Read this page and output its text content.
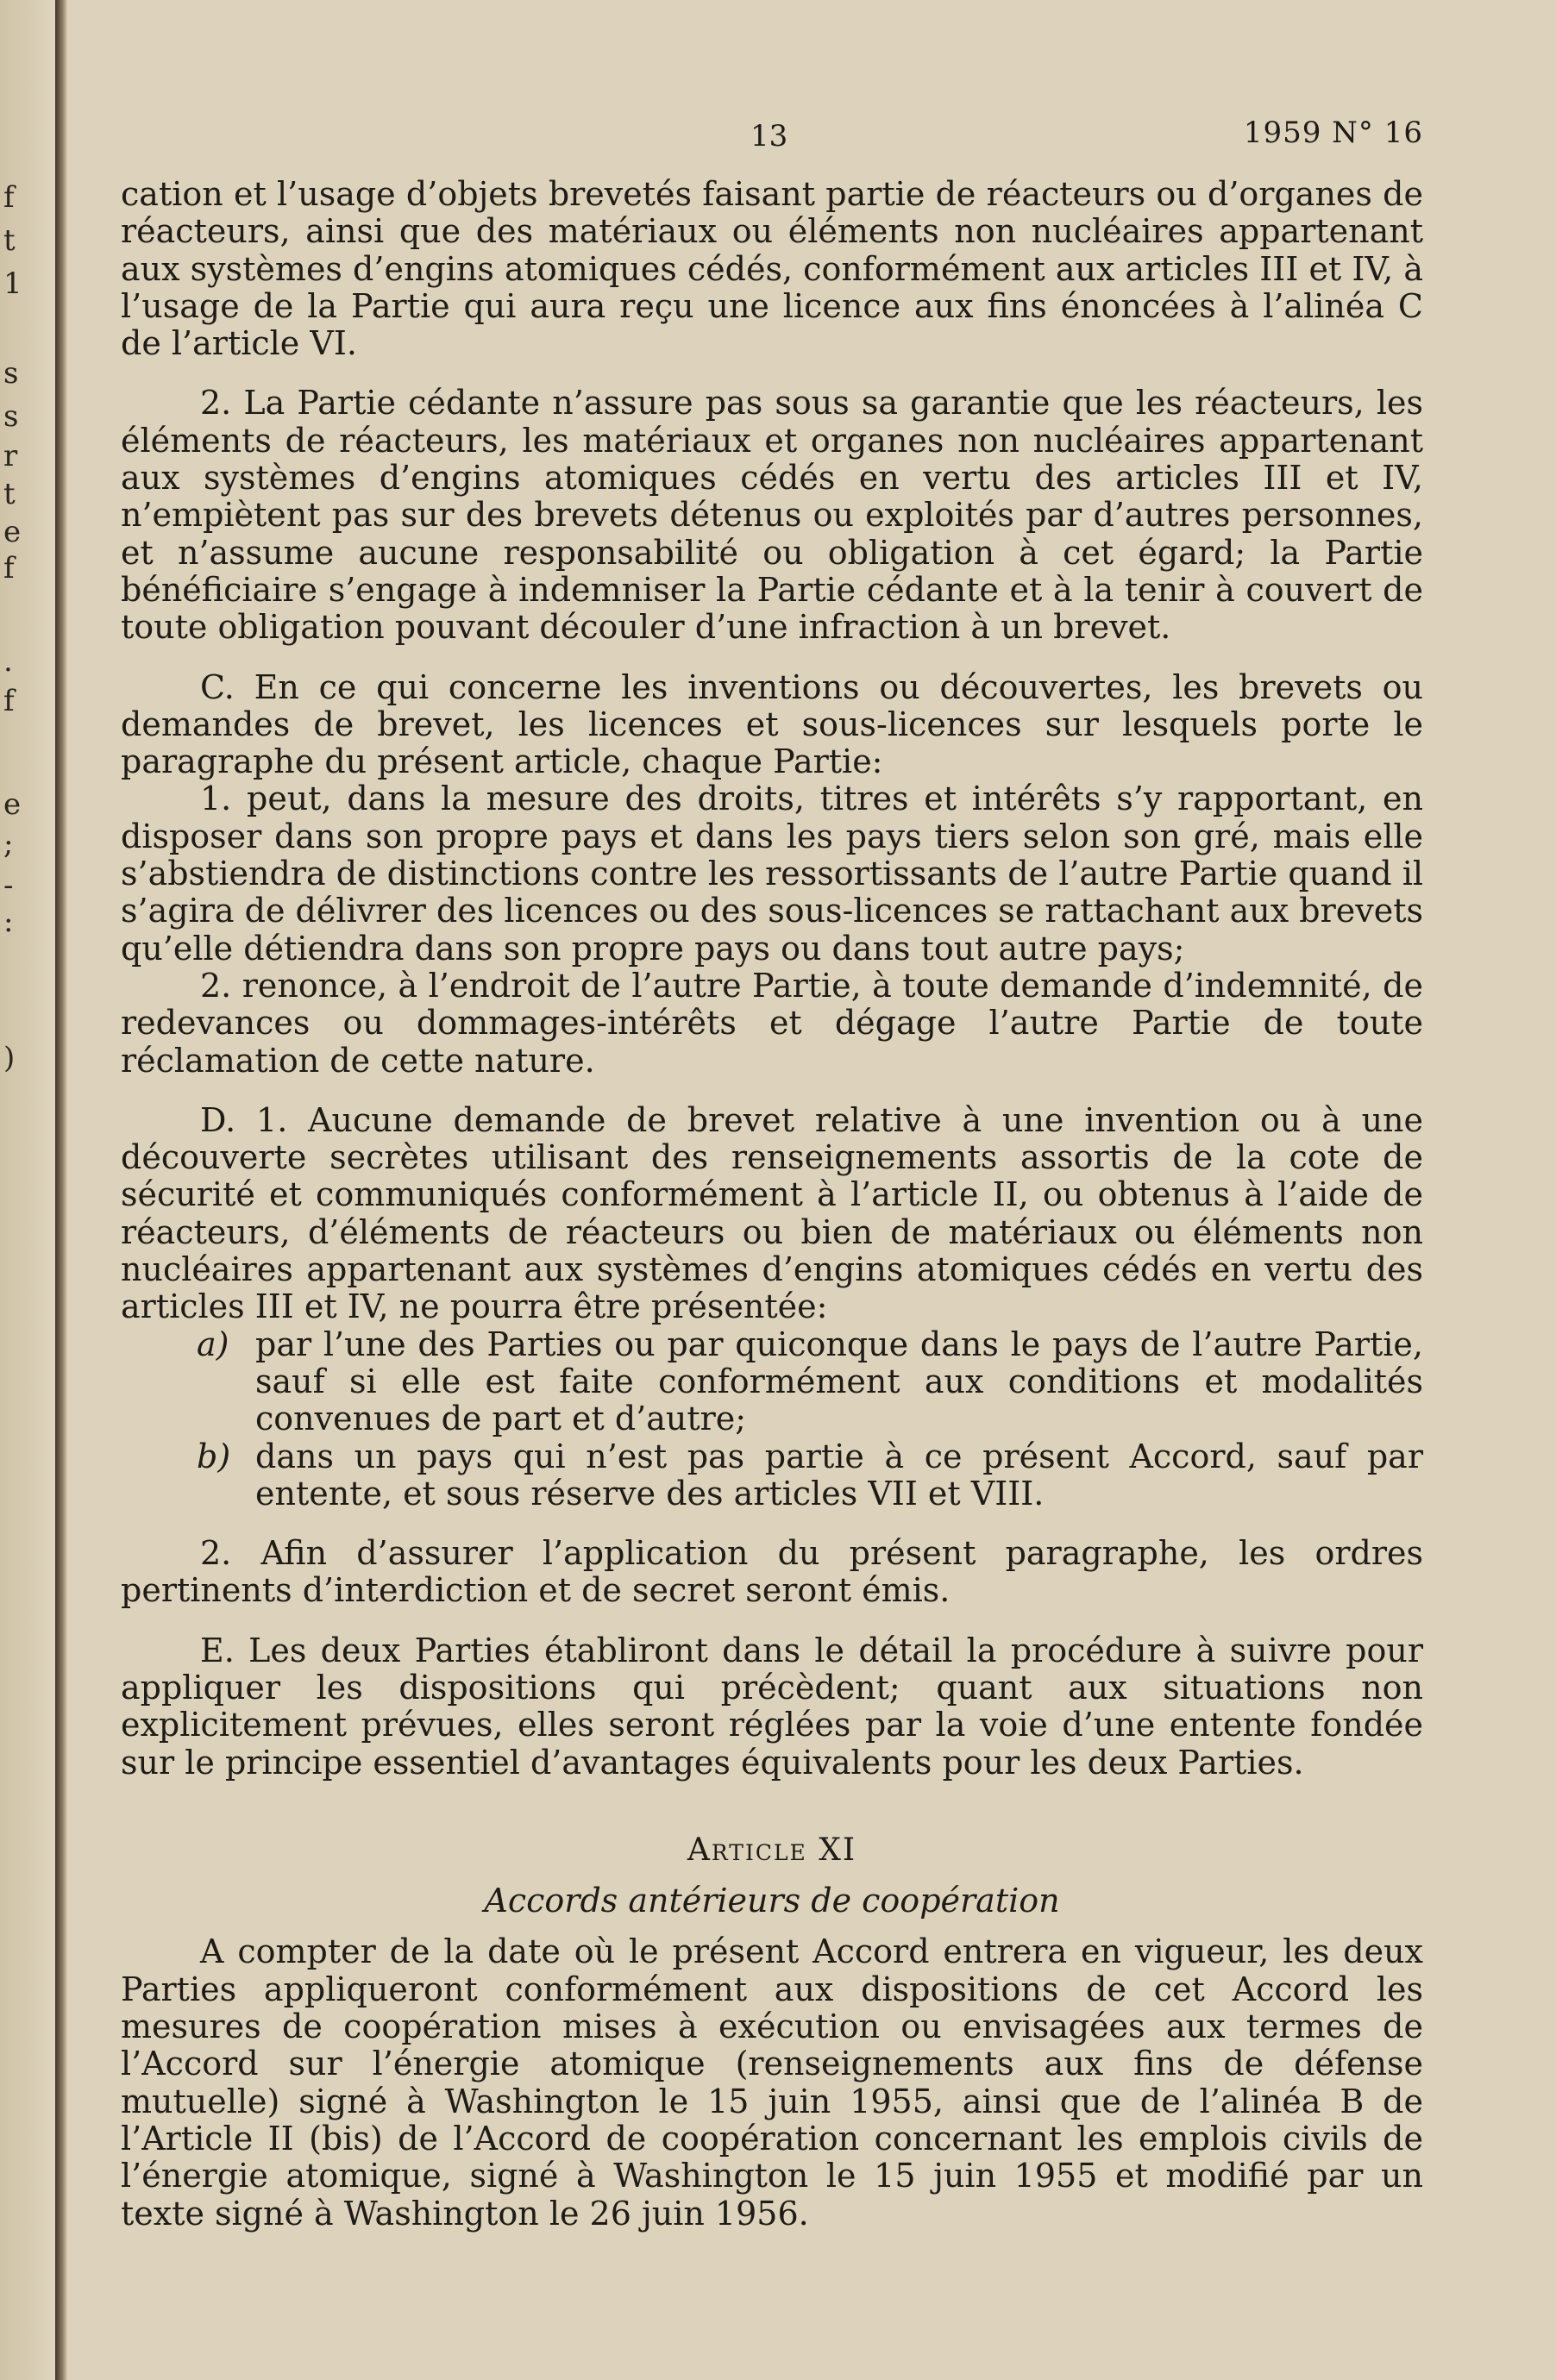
f
t
1
s
s
r
t
e
f
.
f
e
;
-
:
)
13	1959 N° 16

cation et l’usage d’objets brevetés faisant partie de réacteurs ou d’organes de réacteurs, ainsi que des matériaux ou éléments non nucléaires appartenant aux systèmes d’engins atomiques cédés, conformément aux articles III et IV, à l’usage de la Partie qui aura reçu une licence aux fins énoncées à l’alinéa C de l’article VI.

2. La Partie cédante n’assure pas sous sa garantie que les réacteurs, les éléments de réacteurs, les matériaux et organes non nucléaires appartenant aux systèmes d’engins atomiques cédés en vertu des articles III et IV, n’empiètent pas sur des brevets détenus ou exploités par d’autres personnes, et n’assume aucune responsabilité ou obligation à cet égard; la Partie bénéficiaire s’engage à indemniser la Partie cédante et à la tenir à couvert de toute obligation pouvant découler d’une infraction à un brevet.

C. En ce qui concerne les inventions ou découvertes, les brevets ou demandes de brevet, les licences et sous-licences sur lesquels porte le paragraphe du présent article, chaque Partie:

1. peut, dans la mesure des droits, titres et intérêts s’y rapportant, en disposer dans son propre pays et dans les pays tiers selon son gré, mais elle s’abstiendra de distinctions contre les ressortissants de l’autre Partie quand il s’agira de délivrer des licences ou des sous-licences se rattachant aux brevets qu’elle détiendra dans son propre pays ou dans tout autre pays;

2. renonce, à l’endroit de l’autre Partie, à toute demande d’indemnité, de redevances ou dommages-intérêts et dégage l’autre Partie de toute réclamation de cette nature.

D. 1. Aucune demande de brevet relative à une invention ou à une découverte secrètes utilisant des renseignements assortis de la cote de sécurité et communiqués conformément à l’article II, ou obtenus à l’aide de réacteurs, d’éléments de réacteurs ou bien de matériaux ou éléments non nucléaires appartenant aux systèmes d’engins atomiques cédés en vertu des articles III et IV, ne pourra être présentée:

a) par l’une des Parties ou par quiconque dans le pays de l’autre Partie, sauf si elle est faite conformément aux conditions et modalités convenues de part et d’autre;
b) dans un pays qui n’est pas partie à ce présent Accord, sauf par entente, et sous réserve des articles VII et VIII.

2. Afin d’assurer l’application du présent paragraphe, les ordres pertinents d’interdiction et de secret seront émis.

E. Les deux Parties établiront dans le détail la procédure à suivre pour appliquer les dispositions qui précèdent; quant aux situations non explicitement prévues, elles seront réglées par la voie d’une entente fondée sur le principe essentiel d’avantages équivalents pour les deux Parties.

Article XI
Accords antérieurs de coopération

A compter de la date où le présent Accord entrera en vigueur, les deux Parties appliqueront conformément aux dispositions de cet Accord les mesures de coopération mises à exécution ou envisagées aux termes de l’Accord sur l’énergie atomique (renseignements aux fins de défense mutuelle) signé à Washington le 15 juin 1955, ainsi que de l’alinéa B de l’Article II (bis) de l’Accord de coopération concernant les emplois civils de l’énergie atomique, signé à Washington le 15 juin 1955 et modifié par un texte signé à Washington le 26 juin 1956.
